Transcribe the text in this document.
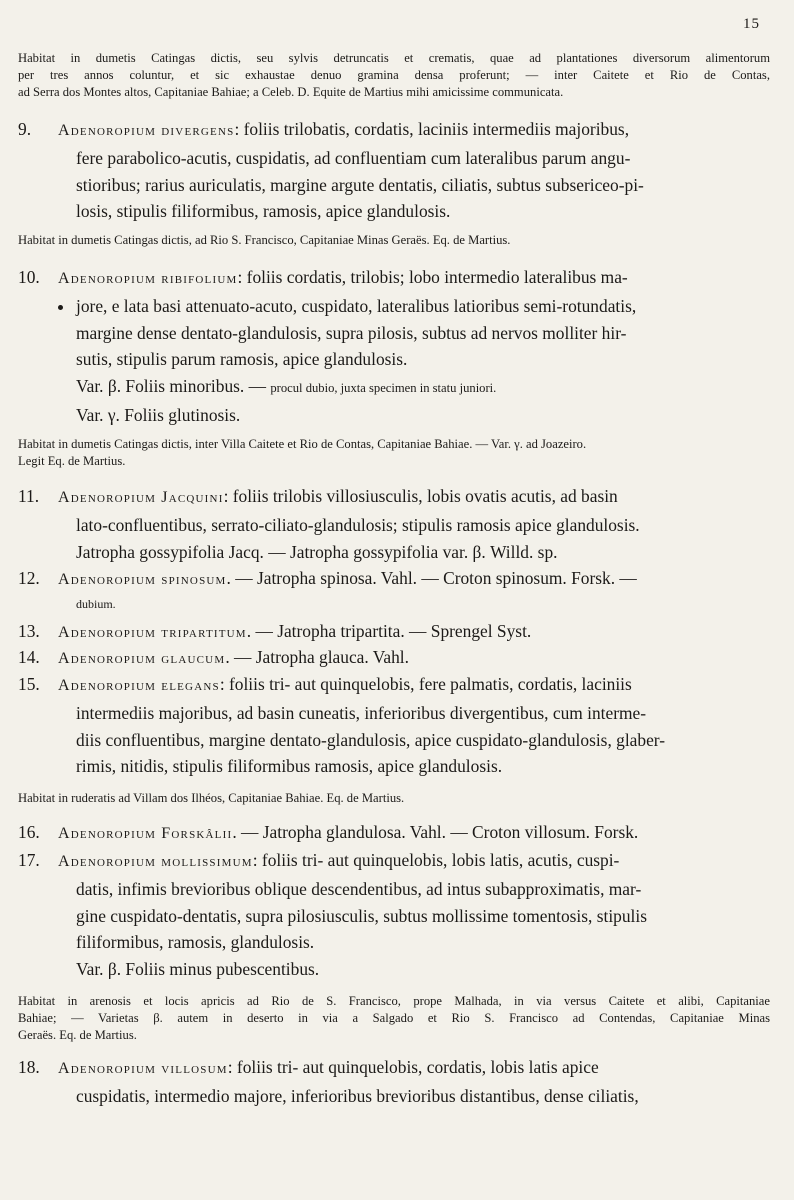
15
Habitat in dumetis Catingas dictis, seu sylvis detruncatis et crematis, quae ad plantationes diversorum alimentorum
per tres annos coluntur, et sic exhaustae denuo gramina densa proferunt; — inter Caitete et Rio de Contas,
ad Serra dos Montes altos, Capitaniae Bahiae; a Celeb. D. Equite de Martius mihi amicissime communicata.
9. Adenoropium divergens: foliis trilobatis, cordatis, laciniis intermediis majoribus,
fere parabolico-acutis, cuspidatis, ad confluentiam cum lateralibus parum angu-
stioribus; rarius auriculatis, margine argute dentatis, ciliatis, subtus subsericeo-pi-
losis, stipulis filiformibus, ramosis, apice glandulosis.
Habitat in dumetis Catingas dictis, ad Rio S. Francisco, Capitaniae Minas Geraës. Eq. de Martius.
10. Adenoropium ribifolium: foliis cordatis, trilobis; lobo intermedio lateralibus ma-
jore, e lata basi attenuato-acuto, cuspidato, lateralibus latioribus semi-rotundatis,
margine dense dentato-glandulosis, supra pilosis, subtus ad nervos molliter hir-
sutis, stipulis parum ramosis, apice glandulosis.
Var. β. Foliis minoribus. — procul dubio, juxta specimen in statu juniori.
Var. γ. Foliis glutinosis.
Habitat in dumetis Catingas dictis, inter Villa Caitete et Rio de Contas, Capitaniae Bahiae. — Var. γ. ad Joazeiro.
Legit Eq. de Martius.
11. Adenoropium Jacquini: foliis trilobis villosiusculis, lobis ovatis acutis, ad basin
lato-confluentibus, serrato-ciliato-glandulosis; stipulis ramosis apice glandulosis.
Jatropha gossypifolia Jacq. — Jatropha gossypifolia var. β. Willd. sp.
12. Adenoropium spinosum. — Jatropha spinosa. Vahl. — Croton spinosum. Forsk. —
dubium.
13. Adenoropium tripartitum. — Jatropha tripartita. — Sprengel Syst.
14. Adenoropium glaucum. — Jatropha glauca. Vahl.
15. Adenoropium elegans: foliis tri- aut quinquelobis, fere palmatis, cordatis, laciniis
intermediis majoribus, ad basin cuneatis, inferioribus divergentibus, cum interme-
diis confluentibus, margine dentato-glandulosis, apice cuspidato-glandulosis, glaber-
rimis, nitidis, stipulis filiformibus ramosis, apice glandulosis.
Habitat in ruderatis ad Villam dos Ilhéos, Capitaniae Bahiae. Eq. de Martius.
16. Adenoropium Forskâlii. — Jatropha glandulosa. Vahl. — Croton villosum. Forsk.
17. Adenoropium mollissimum: foliis tri- aut quinquelobis, lobis latis, acutis, cuspi-
datis, infimis brevioribus oblique descendentibus, ad intus subapproximatis, mar-
gine cuspidato-dentatis, supra pilosiusculis, subtus mollissime tomentosis, stipulis
filiformibus, ramosis, glandulosis.
Var. β. Foliis minus pubescentibus.
Habitat in arenosis et locis apricis ad Rio de S. Francisco, prope Malhada, in via versus Caitete et alibi, Capitaniae
Bahiae; — Varietas β. autem in deserto in via a Salgado et Rio S. Francisco ad Contendas, Capitaniae Minas
Geraës. Eq. de Martius.
18. Adenoropium villosum: foliis tri- aut quinquelobis, cordatis, lobis latis apice
cuspidatis, intermedio majore, inferioribus brevioribus distantibus, dense ciliatis,
